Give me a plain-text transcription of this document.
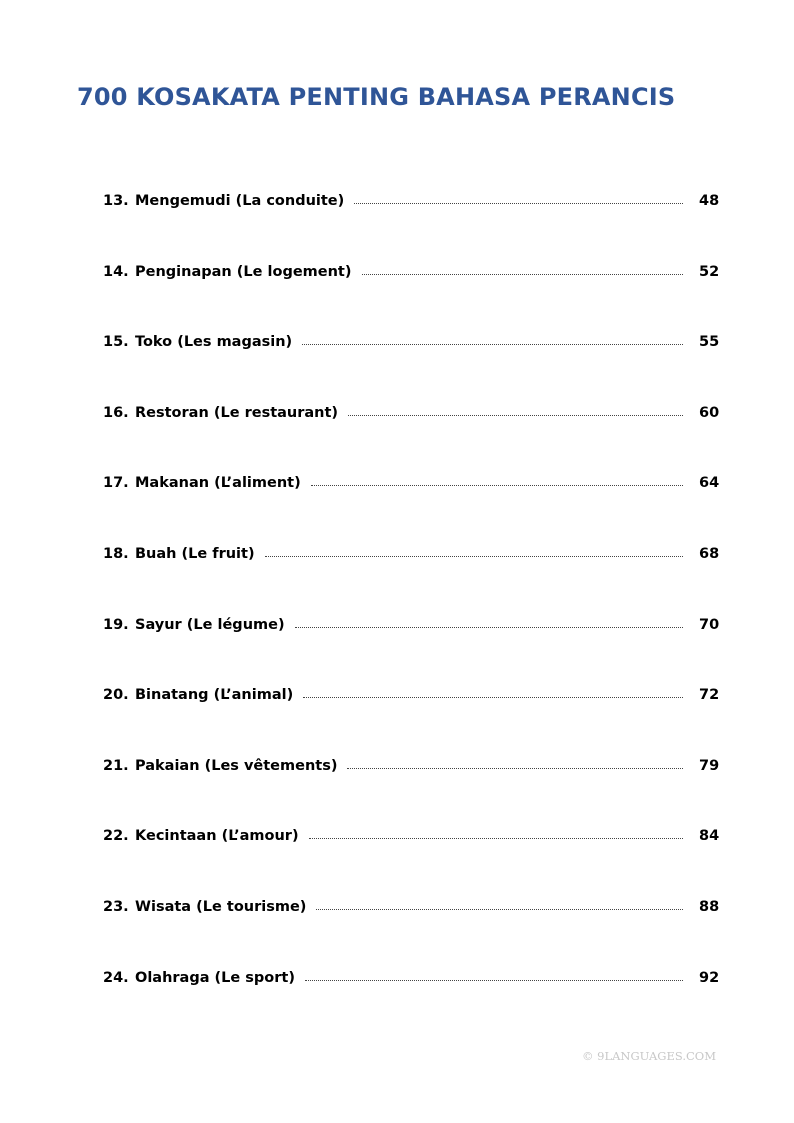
700 KOSAKATA PENTING BAHASA PERANCIS
13. Mengemudi (La conduite)	48
14. Penginapan (Le logement)	52
15. Toko (Les magasin)	55
16. Restoran (Le restaurant)	60
17. Makanan (L’aliment)	64
18. Buah (Le fruit)	68
19. Sayur (Le légume)	70
20. Binatang (L’animal)	72
21. Pakaian (Les vêtements)	79
22. Kecintaan (L’amour)	84
23. Wisata (Le tourisme)	88
24. Olahraga (Le sport)	92
© 9LANGUAGES.COM
